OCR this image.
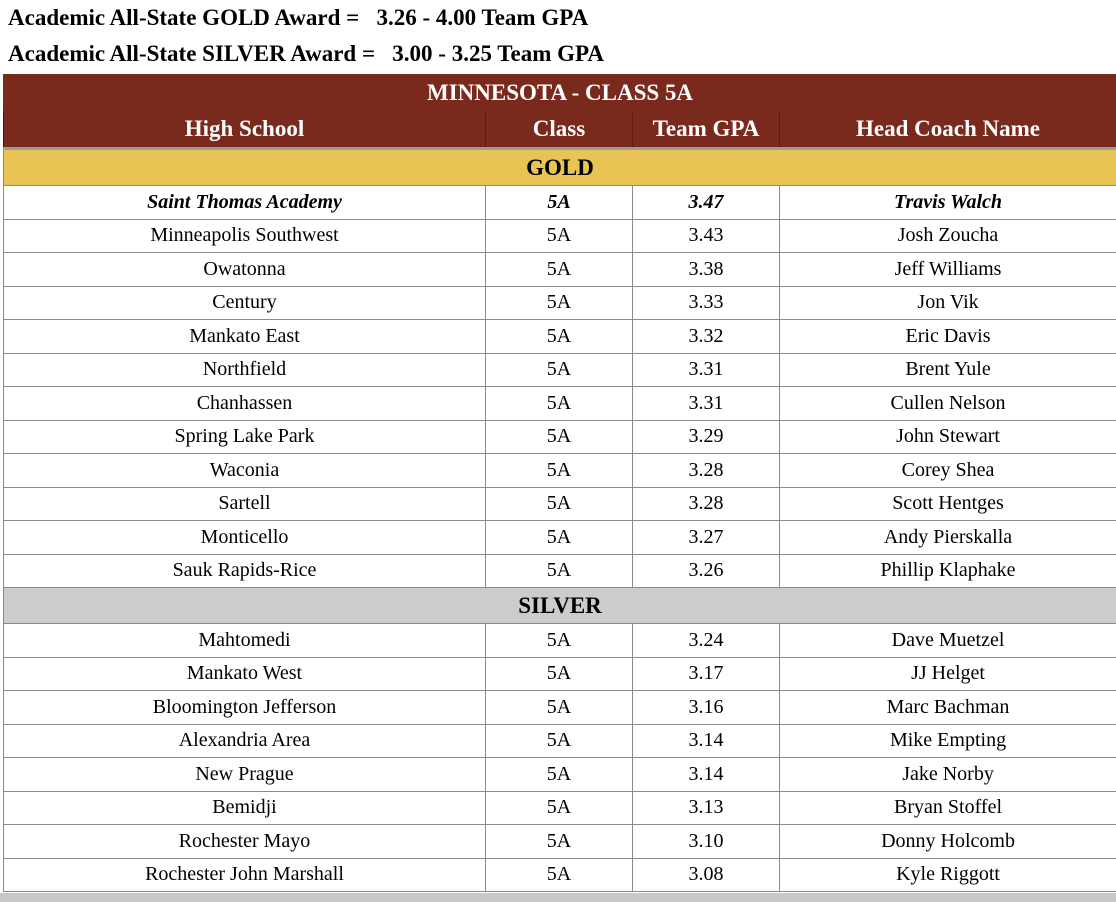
Academic All-State GOLD Award =   3.26 - 4.00 Team GPA
Academic All-State SILVER Award =   3.00 - 3.25 Team GPA
MINNESOTA - CLASS 5A			
High School	Class	Team GPA	Head Coach Name
GOLD			
Saint Thomas Academy	5A	3.47	Travis Walch
Minneapolis Southwest	5A	3.43	Josh Zoucha
Owatonna	5A	3.38	Jeff Williams
Century	5A	3.33	Jon Vik
Mankato East	5A	3.32	Eric Davis
Northfield	5A	3.31	Brent Yule
Chanhassen	5A	3.31	Cullen Nelson
Spring Lake Park	5A	3.29	John Stewart
Waconia	5A	3.28	Corey Shea
Sartell	5A	3.28	Scott Hentges
Monticello	5A	3.27	Andy Pierskalla
Sauk Rapids-Rice	5A	3.26	Phillip Klaphake
SILVER			
Mahtomedi	5A	3.24	Dave Muetzel
Mankato West	5A	3.17	JJ Helget
Bloomington Jefferson	5A	3.16	Marc Bachman
Alexandria Area	5A	3.14	Mike Empting
New Prague	5A	3.14	Jake Norby
Bemidji	5A	3.13	Bryan Stoffel
Rochester Mayo	5A	3.10	Donny Holcomb
Rochester John Marshall	5A	3.08	Kyle Riggott
